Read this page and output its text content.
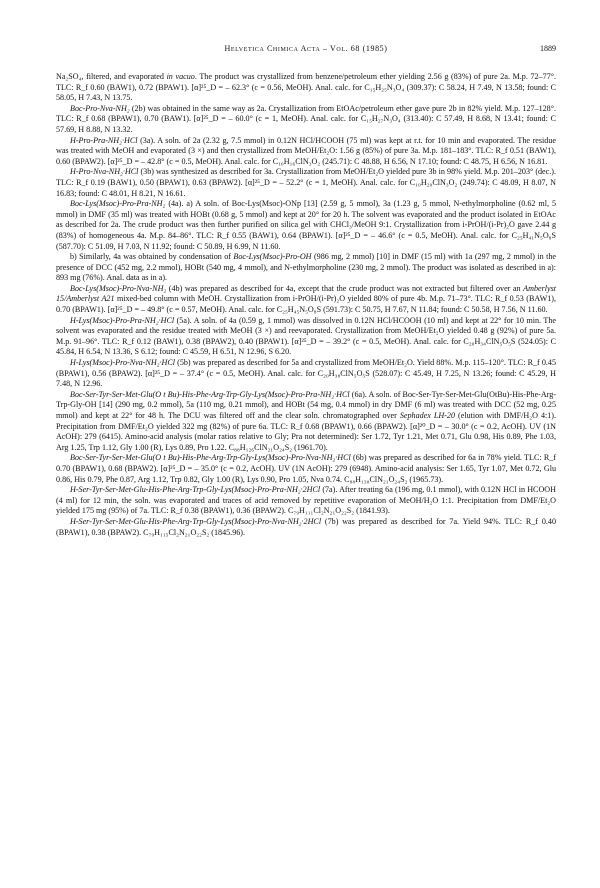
Helvetica Chimica Acta – Vol. 68 (1985)	1889

Na₂SO₄, filtered, and evaporated in vacuo. The product was crystallized from benzene/petroleum ether yielding 2.56 g (83%) of pure 2a. M.p. 72–77°. TLC: R_f 0.60 (BAW1), 0.72 (BPAW1). [α]²⁵_D = – 62.3° (c = 0.56, MeOH). Anal. calc. for C₁₅H₂₅N₃O₄ (309.37): C 58.24, H 7.49, N 13.58; found: C 58.05, H 7.43, N 13.75.

Boc-Pro-Nva-NH₂ (2b) was obtained in the same way as 2a. Crystallization from EtOAc/petroleum ether gave pure 2b in 82% yield. M.p. 127–128°. TLC: R_f 0.68 (BPAW1), 0.70 (BAW1). [α]²⁵_D = – 60.0° (c = 1, MeOH). Anal. calc. for C₁₅H₂₇N₃O₄ (313.40): C 57.49, H 8.68, N 13.41; found: C 57.69, H 8.88, N 13.32.

H-Pro-Pra-NH₂·HCl (3a). A soln. of 2a (2.32 g, 7.5 mmol) in 0.12N HCl/HCOOH (75 ml) was kept at r.t. for 10 min and evaporated. The residue was treated with MeOH and evaporated (3 ×) and then crystallized from MeOH/Et₂O: 1.56 g (85%) of pure 3a. M.p. 181–183°. TLC: R_f 0.51 (BAW1), 0.60 (BPAW2). [α]²⁵_D = – 42.8° (c = 0.5, MeOH). Anal. calc. for C₁₀H₁₆ClN₃O₂ (245.71): C 48.88, H 6.56, N 17.10; found: C 48.75, H 6.56, N 16.81.

H-Pro-Nva-NH₂·HCl (3b) was synthesized as described for 3a. Crystallization from MeOH/Et₂O yielded pure 3b in 98% yield. M.p. 201–203° (dec.). TLC: R_f 0.19 (BAW1), 0.50 (BPAW1), 0.63 (BPAW2). [α]²⁵_D = – 52.2° (c = 1, MeOH). Anal. calc. for C₁₀H₂₀ClN₃O₂ (249.74): C 48.09, H 8.07, N 16.83; found: C 48.01, H 8.21, N 16.61.

Boc-Lys(Msoc)-Pro-Pra-NH₂ (4a). a) A soln. of Boc-Lys(Msoc)-ONp [13] (2.59 g, 5 mmol), 3a (1.23 g, 5 mmol, N-ethylmorpholine (0.62 ml, 5 mmol) in DMF (35 ml) was treated with HOBt (0.68 g, 5 mmol) and kept at 20° for 20 h. The solvent was evaporated and the product isolated in EtOAc as described for 2a. The crude product was then further purified on silica gel with CHCl₃/MeOH 9:1. Crystallization from i-PrOH/(i-Pr)₂O gave 2.44 g (83%) of homogeneous 4a. M.p. 84–86°. TLC: R_f 0.55 (BAW1), 0.64 (BPAW1). [α]²⁵_D = – 46.6° (c = 0.5, MeOH). Anal. calc. for C₂₅H₄₁N₅O₈S (587.70): C 51.09, H 7.03, N 11.92; found: C 50.89, H 6.99, N 11.60.

b) Similarly, 4a was obtained by condensation of Boc-Lys(Msoc)-Pro-OH (986 mg, 2 mmol) [10] in DMF (15 ml) with 1a (297 mg, 2 mmol) in the presence of DCC (452 mg, 2.2 mmol), HOBt (540 mg, 4 mmol), and N-ethylmorpholine (230 mg, 2 mmol). The product was isolated as described in a): 893 mg (76%). Anal. data as in a).

Boc-Lys(Msoc)-Pro-Nva-NH₂ (4b) was prepared as described for 4a, except that the crude product was not extracted but filtered over an Amberlyst 15/Amberlyst A21 mixed-bed column with MeOH. Crystallization from i-PrOH/(i-Pr)₂O yielded 80% of pure 4b. M.p. 71–73°. TLC: R_f 0.53 (BAW1), 0.70 (BPAW1). [α]²⁵_D = – 49.8° (c = 0.57, MeOH). Anal. calc. for C₂₅H₄₅N₅O₈S (591.73): C 50.75, H 7.67, N 11.84; found: C 50.58, H 7.56, N 11.60.

H-Lys(Msoc)-Pro-Pra-NH₂·HCl (5a). A soln. of 4a (0.59 g, 1 mmol) was dissolved in 0.12N HCl/HCOOH (10 ml) and kept at 22° for 10 min. The solvent was evaporated and the residue treated with MeOH (3 ×) and reevaporated. Crystallization from MeOH/Et₂O yielded 0.48 g (92%) of pure 5a. M.p. 91–96°. TLC: R_f 0.12 (BAW1), 0.38 (BPAW2), 0.40 (BPAW1). [α]²⁵_D = – 39.2° (c = 0.5, MeOH). Anal. calc. for C₂₀H₃₄ClN₅O₅S (524.05): C 45.84, H 6.54, N 13.36, S 6.12; found: C 45.59, H 6.51, N 12.96, S 6.20.

H-Lys(Msoc)-Pro-Nva-NH₂·HCl (5b) was prepared as described for 5a and crystallized from MeOH/Et₂O. Yield 88%. M.p. 115–120°. TLC: R_f 0.45 (BPAW1), 0.56 (BPAW2). [α]²⁵_D = – 37.4° (c = 0.5, MeOH). Anal. calc. for C₂₀H₃₈ClN₅O₅S (528.07): C 45.49, H 7.25, N 13.26; found: C 45.29, H 7.48, N 12.96.

Boc-Ser-Tyr-Ser-Met-Glu(O t Bu)-His-Phe-Arg-Trp-Gly-Lys(Msoc)-Pro-Pra-NH₂·HCl (6a). A soln. of Boc-Ser-Tyr-Ser-Met-Glu(OtBu)-His-Phe-Arg-Trp-Gly-OH [14] (290 mg, 0.2 mmol), 5a (110 mg, 0.21 mmol), and HOBt (54 mg, 0.4 mmol) in dry DMF (6 ml) was treated with DCC (52 mg, 0.25 mmol) and kept at 22° for 48 h. The DCU was filtered off and the clear soln. chromatographed over Sephadex LH-20 (elution with DMF/H₂O 4:1). Precipitation from DMF/Et₂O yielded 322 mg (82%) of pure 6a. TLC: R_f 0.68 (BPAW1), 0.66 (BPAW2). [α]²⁰_D = – 30.0° (c = 0.2, AcOH). UV (1N AcOH): 279 (6415). Amino-acid analysis (molar ratios relative to Gly; Pra not determined): Ser 1.72, Tyr 1.21, Met 0.71, Glu 0.98, His 0.89, Phe 1.03, Arg 1.25, Trp 1.12, Gly 1.00 (R), Lys 0.89, Pro 1.22. C₈₈H₁₂₆ClN₂₁O₂₄S₂ (1961.70).

Boc-Ser-Tyr-Ser-Met-Glu(O t Bu)-His-Phe-Arg-Trp-Gly-Lys(Msoc)-Pro-Nva-NH₂·HCl (6b) was prepared as described for 6a in 78% yield. TLC: R_f 0.70 (BPAW1), 0.68 (BPAW2). [α]²⁵_D = – 35.0° (c = 0.2, AcOH). UV (1N AcOH): 279 (6948). Amino-acid analysis: Ser 1.65, Tyr 1.07, Met 0.72, Glu 0.86, His 0.79, Phe 0.87, Arg 1.12, Trp 0.82, Gly 1.00 (R), Lys 0.90, Pro 1.05, Nva 0.74. C₈₈H₁₃₀ClN₂₁O₂₄S₂ (1965.73).

H-Ser-Tyr-Ser-Met-Glu-His-Phe-Arg-Trp-Gly-Lys(Msoc)-Pro-Pra-NH₂·2HCl (7a). After treating 6a (196 mg, 0.1 mmol), with 0.12N HCl in HCOOH (4 ml) for 12 min, the soln. was evaporated and traces of acid removed by repetitive evaporation of MeOH/H₂O 1:1. Precipitation from DMF/Et₂O yielded 175 mg (95%) of 7a. TLC: R_f 0.38 (BPAW1), 0.36 (BPAW2). C₇₉H₁₁₁Cl₂N₂₁O₂₂S₂ (1841.93).

H-Ser-Tyr-Ser-Met-Glu-His-Phe-Arg-Trp-Gly-Lys(Msoc)-Pro-Nva-NH₂·2HCl (7b) was prepared as described for 7a. Yield 94%. TLC: R_f 0.40 (BPAW1), 0.38 (BPAW2). C₇₉H₁₁₅Cl₂N₂₁O₂₂S₂ (1845.96).
